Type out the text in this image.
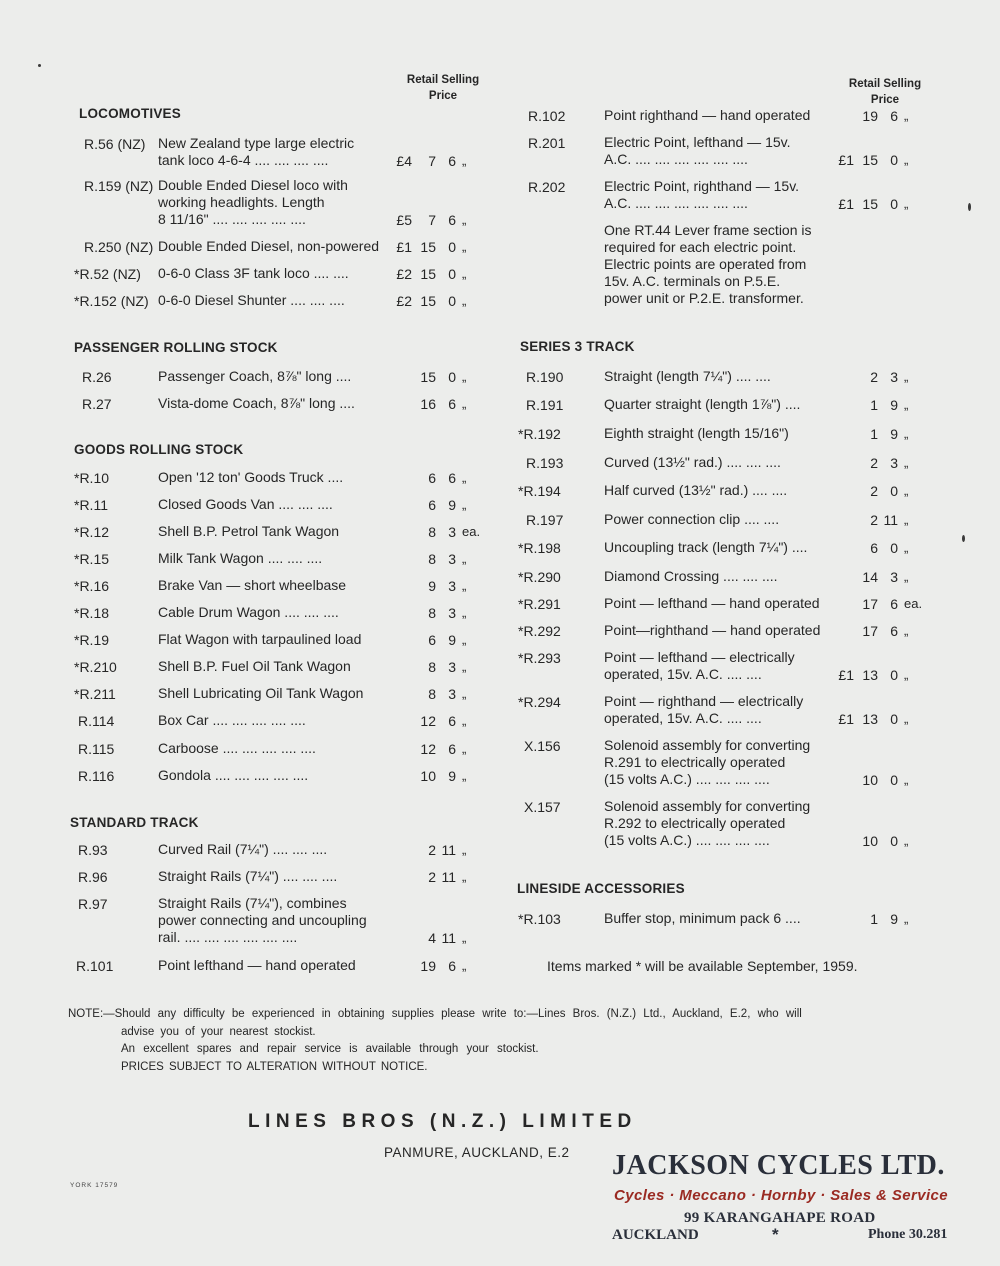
Retail Selling
Price
Retail Selling
Price
LOCOMOTIVES
PASSENGER ROLLING STOCK
GOODS ROLLING STOCK
STANDARD TRACK
SERIES 3 TRACK
LINESIDE ACCESSORIES
Items marked * will be available September, 1959.
R.56 (NZ) New Zealand type large electric
tank loco 4-6-4 .... .... .... ....	£4	7 6 „
R.159 (NZ) Double Ended Diesel loco with
working headlights. Length
8 11/16" .... .... .... .... ....	£5	7 6 „
R.250 (NZ) Double Ended Diesel, non-powered	£1 15 0 „
*R.52 (NZ) 0-6-0 Class 3F tank loco .... ....	£2 15 0 „
*R.152 (NZ) 0-6-0 Diesel Shunter .... .... ....	£2 15 0 „
R.26	Passenger Coach, 8⅞" long ....	15 0 „
R.27	Vista-dome Coach, 8⅞" long ....	16 6 „
*R.10	Open '12 ton' Goods Truck ....	6 6 „
*R.11	Closed Goods Van .... .... ....	6 9 „
*R.12	Shell B.P. Petrol Tank Wagon	8 3 ea.
*R.15	Milk Tank Wagon .... .... ....	8 3 „
*R.16	Brake Van — short wheelbase	9 3 „
*R.18	Cable Drum Wagon .... .... ....	8 3 „
*R.19	Flat Wagon with tarpaulined load	6 9 „
*R.210	Shell B.P. Fuel Oil Tank Wagon	8 3 „
*R.211	Shell Lubricating Oil Tank Wagon	8 3 „
R.114	Box Car .... .... .... .... ....	12 6 „
R.115	Carboose .... .... .... .... ....	12 6 „
R.116	Gondola .... .... .... .... ....	10 9 „
R.93	Curved Rail (7¼") .... .... ....	2 11 „
R.96	Straight Rails (7¼") .... .... ....	2 11 „
R.97	Straight Rails (7¼"), combines
power connecting and uncoupling
rail. .... .... .... .... .... ....	4 11 „
R.101	Point lefthand — hand operated	19 6 „
R.102	Point righthand — hand operated	19 6 „
R.201	Electric Point, lefthand — 15v.
A.C. .... .... .... .... .... ....	£1 15 0 „
R.202	Electric Point, righthand — 15v.
A.C. .... .... .... .... .... ....	£1 15 0 „
One RT.44 Lever frame section is
required for each electric point.
Electric points are operated from
15v. A.C. terminals on P.5.E.
power unit or P.2.E. transformer.
R.190	Straight (length 7¼") .... ....	2 3 „
R.191	Quarter straight (length 1⅞") ....	1 9 „
*R.192	Eighth straight (length 15/16")	1 9 „
R.193	Curved (13½" rad.) .... .... ....	2 3 „
*R.194	Half curved (13½" rad.) .... ....	2 0 „
R.197	Power connection clip .... ....	2 11 „
*R.198	Uncoupling track (length 7¼") ....	6 0 „
*R.290	Diamond Crossing .... .... ....	14 3 „
*R.291	Point — lefthand — hand operated	17 6 ea.
*R.292	Point—righthand — hand operated	17 6 „
*R.293	Point — lefthand — electrically
operated, 15v. A.C. .... ....	£1 13 0 „
*R.294	Point — righthand — electrically
operated, 15v. A.C. .... ....	£1 13 0 „
X.156	Solenoid assembly for converting
R.291 to electrically operated
(15 volts A.C.) .... .... .... ....	10 0 „
X.157	Solenoid assembly for converting
R.292 to electrically operated
(15 volts A.C.) .... .... .... ....	10 0 „
*R.103	Buffer stop, minimum pack 6 ....	1 9 „
NOTE:—Should any difficulty be experienced in obtaining supplies please write to:—Lines Bros. (N.Z.) Ltd., Auckland, E.2, who will
advise you of your nearest stockist.
An excellent spares and repair service is available through your stockist.
PRICES SUBJECT TO ALTERATION WITHOUT NOTICE.
LINES BROS (N.Z.) LIMITED
PANMURE, AUCKLAND, E.2
YORK 17579
JACKSON CYCLES LTD.
Cycles · Meccano · Hornby · Sales & Service
99 KARANGAHAPE ROAD
AUCKLAND	*	Phone 30.281
